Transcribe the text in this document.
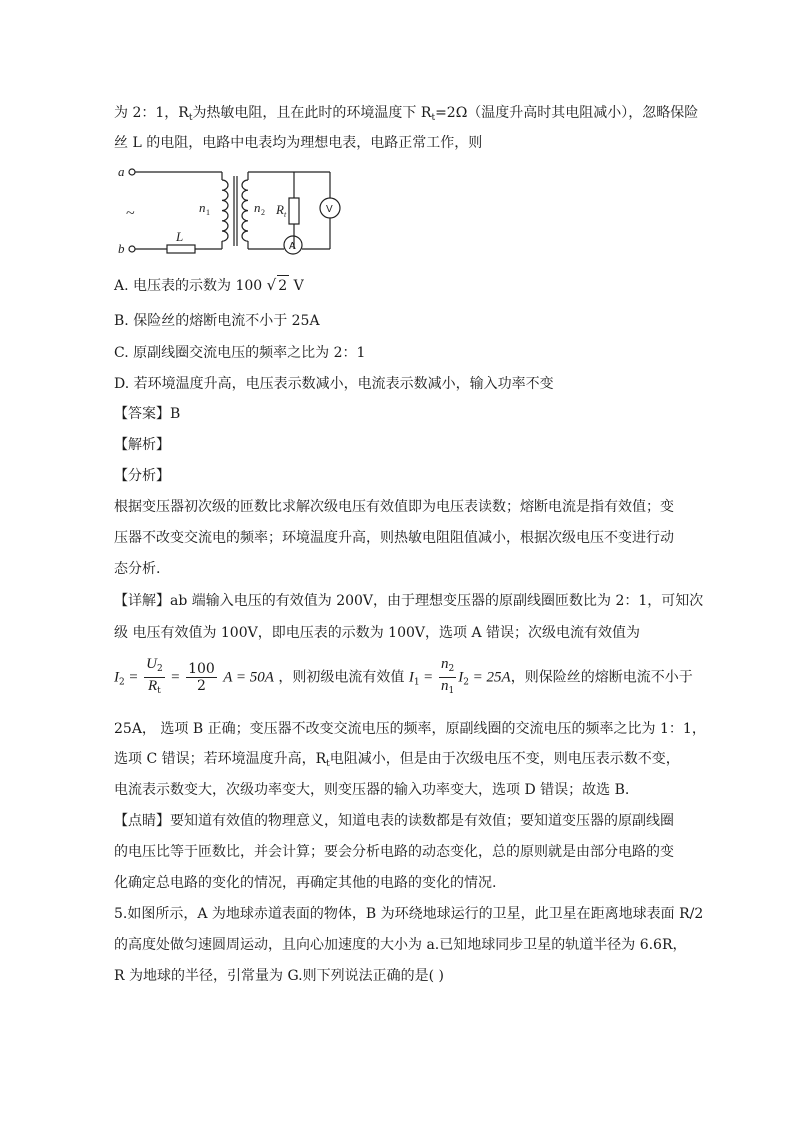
为 2：1，$R_t$为热敏电阻，且在此时的环境温度下 $R_t=2\Omega$（温度升高时其电阻减小），忽略保险
丝 L 的电阻，电路中电表均为理想电表，电路正常工作，则
a
b
L
n 1	n 2 R t
~
A
V
A. 电压表的示数为 100 √ 2 V
B. 保险丝的熔断电流不小于 25A
C. 原副线圈交流电压的频率之比为 2：1
D. 若环境温度升高，电压表示数减小，电流表示数减小，输入功率不变
【答案】B
【解析】
【分析】
根据变压器初次级的匝数比求解次级电压有效值即为电压表读数；熔断电流是指有效值；变
压器不改变交流电的频率；环境温度升高，则热敏电阻阻值减小，根据次级电压不变进行动
态分析.
【详解】ab 端输入电压的有效值为 200V，由于理想变压器的原副线圈匝数比为 2：1，可知次
级 电压有效值为 100V，即电压表的示数为 100V，选项 A 错误；次级电流有效值为
$I_2 = \frac{U_2}{R_t} = \frac{100}{2}$ A = 50A ，则初级电流有效值 $I_1 = \frac{n_2}{n_1} I_2 = 25A$，则保险丝的熔断电流不小于
25A， 选项 B 正确；变压器不改变交流电压的频率，原副线圈的交流电压的频率之比为 1：1，
选项 C 错误；若环境温度升高，$R_t$电阻减小，但是由于次级电压不变，则电压表示数不变，
电流表示数变大，次级功率变大，则变压器的输入功率变大，选项 D 错误；故选 B.
【点睛】要知道有效值的物理意义，知道电表的读数都是有效值；要知道变压器的原副线圈
的电压比等于匝数比，并会计算；要会分析电路的动态变化，总的原则就是由部分电路的变
化确定总电路的变化的情况，再确定其他的电路的变化的情况.
5.如图所示，A 为地球赤道表面的物体，B 为环绕地球运行的卫星，此卫星在距离地球表面 R/2
的高度处做匀速圆周运动，且向心加速度的大小为 a.已知地球同步卫星的轨道半径为 6.6R，
R 为地球的半径，引常量为 G.则下列说法正确的是( )
